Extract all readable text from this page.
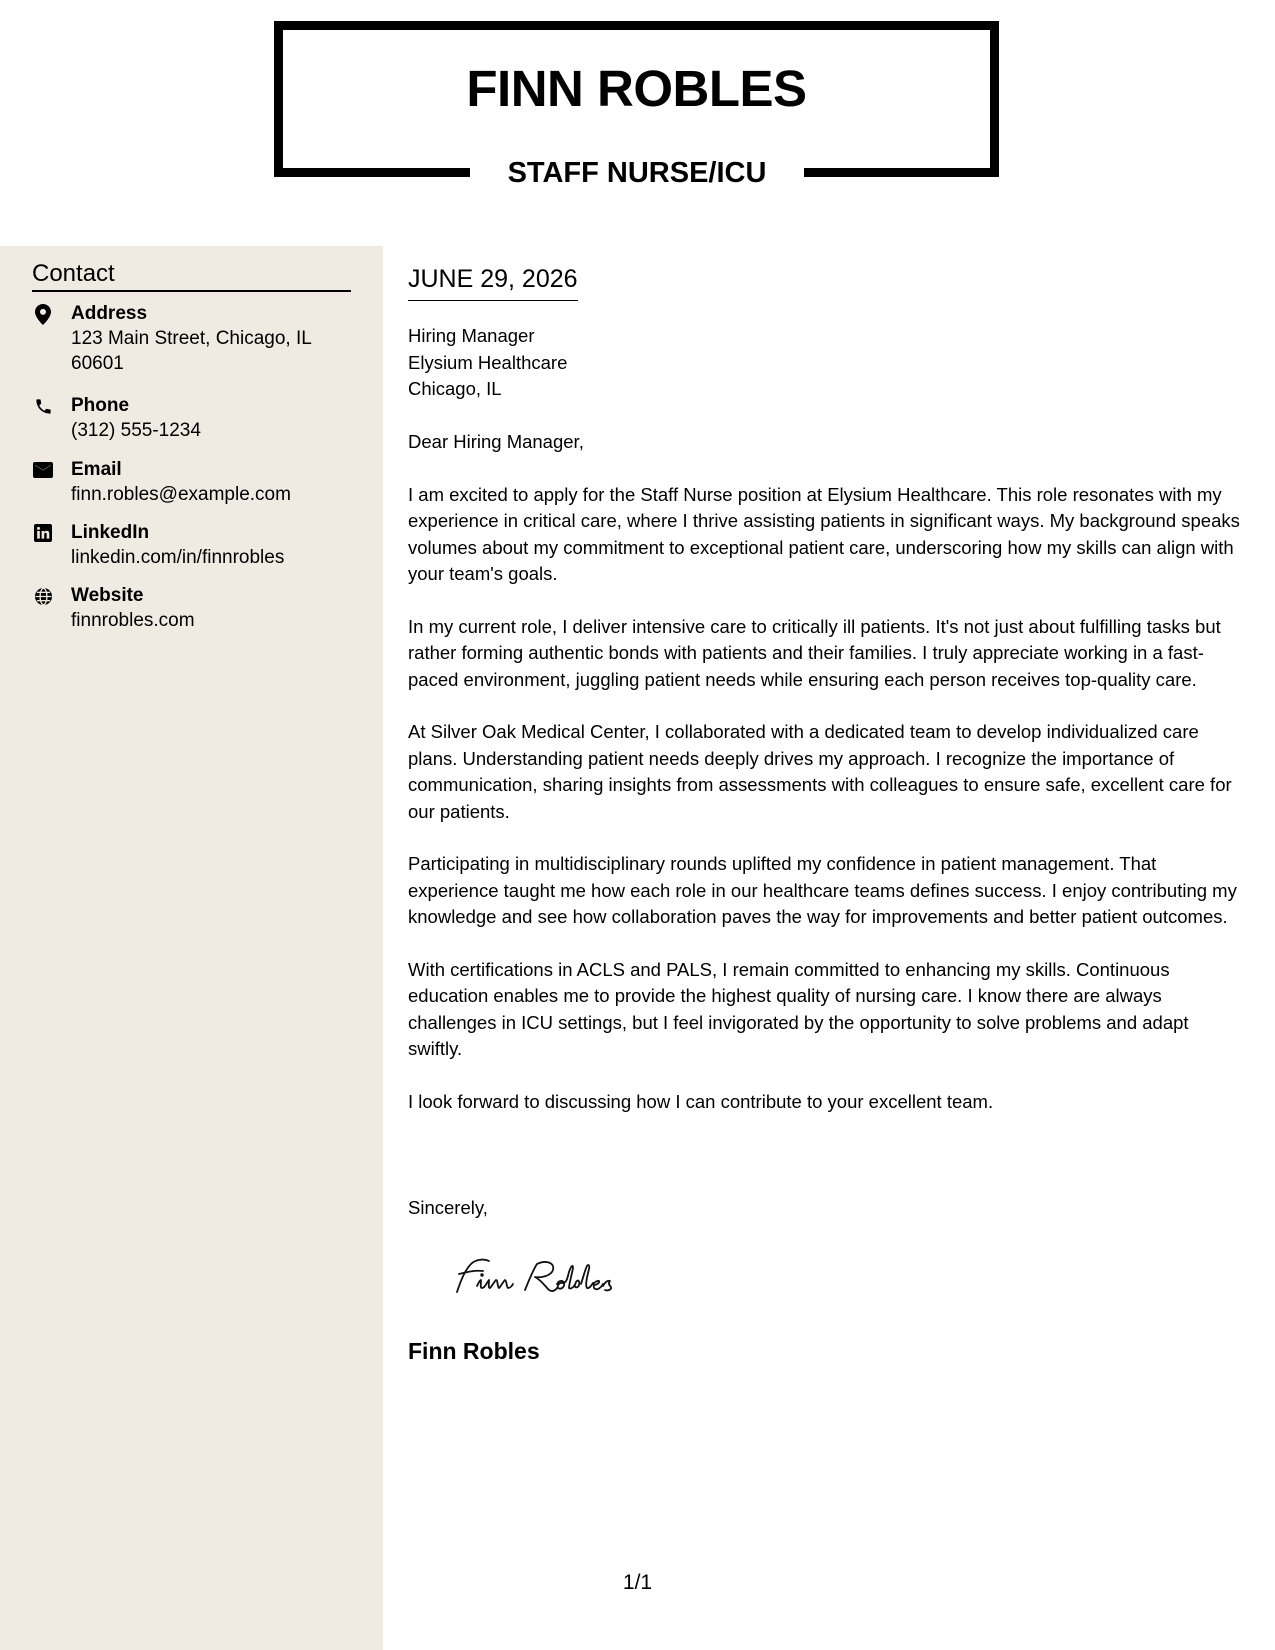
FINN ROBLES
STAFF NURSE/ICU
Contact
Address
123 Main Street, Chicago, IL 60601
Phone
(312) 555-1234
Email
finn.robles@example.com
LinkedIn
linkedin.com/in/finnrobles
Website
finnrobles.com
JUNE 29, 2026
Hiring Manager
Elysium Healthcare
Chicago, IL

Dear Hiring Manager,

I am excited to apply for the Staff Nurse position at Elysium Healthcare. This role resonates with my experience in critical care, where I thrive assisting patients in significant ways. My background speaks volumes about my commitment to exceptional patient care, underscoring how my skills can align with your team's goals.

In my current role, I deliver intensive care to critically ill patients. It's not just about fulfilling tasks but rather forming authentic bonds with patients and their families. I truly appreciate working in a fast-paced environment, juggling patient needs while ensuring each person receives top-quality care.

At Silver Oak Medical Center, I collaborated with a dedicated team to develop individualized care plans. Understanding patient needs deeply drives my approach. I recognize the importance of communication, sharing insights from assessments with colleagues to ensure safe, excellent care for our patients.

Participating in multidisciplinary rounds uplifted my confidence in patient management. That experience taught me how each role in our healthcare teams defines success. I enjoy contributing my knowledge and see how collaboration paves the way for improvements and better patient outcomes.

With certifications in ACLS and PALS, I remain committed to enhancing my skills. Continuous education enables me to provide the highest quality of nursing care. I know there are always challenges in ICU settings, but I feel invigorated by the opportunity to solve problems and adapt swiftly.

I look forward to discussing how I can contribute to your excellent team.

Sincerely,
Finn Robles
1/1
